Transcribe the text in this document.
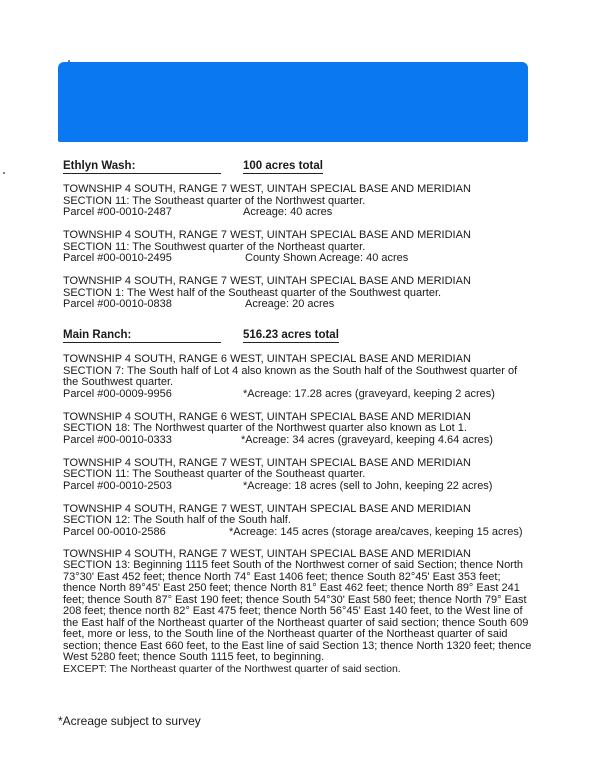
Ethlyn Wash:	100 acres total

TOWNSHIP 4 SOUTH, RANGE 7 WEST, UINTAH SPECIAL BASE AND MERIDIAN

SECTION 11: The Southeast quarter of the Northwest quarter.

Parcel #00-0010-2487	Acreage: 40 acres

TOWNSHIP 4 SOUTH, RANGE 7 WEST, UINTAH SPECIAL BASE AND MERIDIAN

SECTION 11: The Southwest quarter of the Northeast quarter.

Parcel #00-0010-2495	County Shown Acreage: 40 acres

TOWNSHIP 4 SOUTH, RANGE 7 WEST, UINTAH SPECIAL BASE AND MERIDIAN

SECTION 1: The West half of the Southeast quarter of the Southwest quarter.

Parcel #00-0010-0838	Acreage: 20 acres
Main Ranch:	516.23 acres total

TOWNSHIP 4 SOUTH, RANGE 6 WEST, UINTAH SPECIAL BASE AND MERIDIAN

SECTION 7: The South half of Lot 4 also known as the South half of the Southwest quarter of the Southwest quarter.

Parcel #00-0009-9956	*Acreage: 17.28 acres (graveyard, keeping 2 acres)

TOWNSHIP 4 SOUTH, RANGE 6 WEST, UINTAH SPECIAL BASE AND MERIDIAN

SECTION 18: The Northwest quarter of the Northwest quarter also known as Lot 1.

Parcel #00-0010-0333	*Acreage: 34 acres (graveyard, keeping 4.64 acres)

TOWNSHIP 4 SOUTH, RANGE 7 WEST, UINTAH SPECIAL BASE AND MERIDIAN

SECTION 11: The Southeast quarter of the Southeast quarter.

Parcel #00-0010-2503	*Acreage: 18 acres (sell to John, keeping 22 acres)

TOWNSHIP 4 SOUTH, RANGE 7 WEST, UINTAH SPECIAL BASE AND MERIDIAN

SECTION 12: The South half of the South half.

Parcel 00-0010-2586	*Acreage: 145 acres (storage area/caves, keeping 15 acres)

TOWNSHIP 4 SOUTH, RANGE 7 WEST, UINTAH SPECIAL BASE AND MERIDIAN

SECTION 13: Beginning 1115 feet South of the Northwest corner of said Section; thence North 73°30' East 452 feet; thence North 74° East 1406 feet; thence South 82°45' East 353 feet; thence North 89°45' East 250 feet; thence North 81° East 462 feet; thence North 89° East 241 feet; thence South 87° East 190 feet; thence South 54°30' East 580 feet; thence North 79° East 208 feet; thence north 82° East 475 feet; thence North 56°45' East 140 feet, to the West line of the East half of the Northeast quarter of the Northeast quarter of said section; thence South 609 feet, more or less, to the South line of the Northeast quarter of the Northeast quarter of said section; thence East 660 feet, to the East line of said Section 13; thence North 1320 feet; thence West 5280 feet; thence South 1115 feet, to beginning.

EXCEPT: The Northeast quarter of the Northwest quarter of said section.

*Acreage subject to survey
